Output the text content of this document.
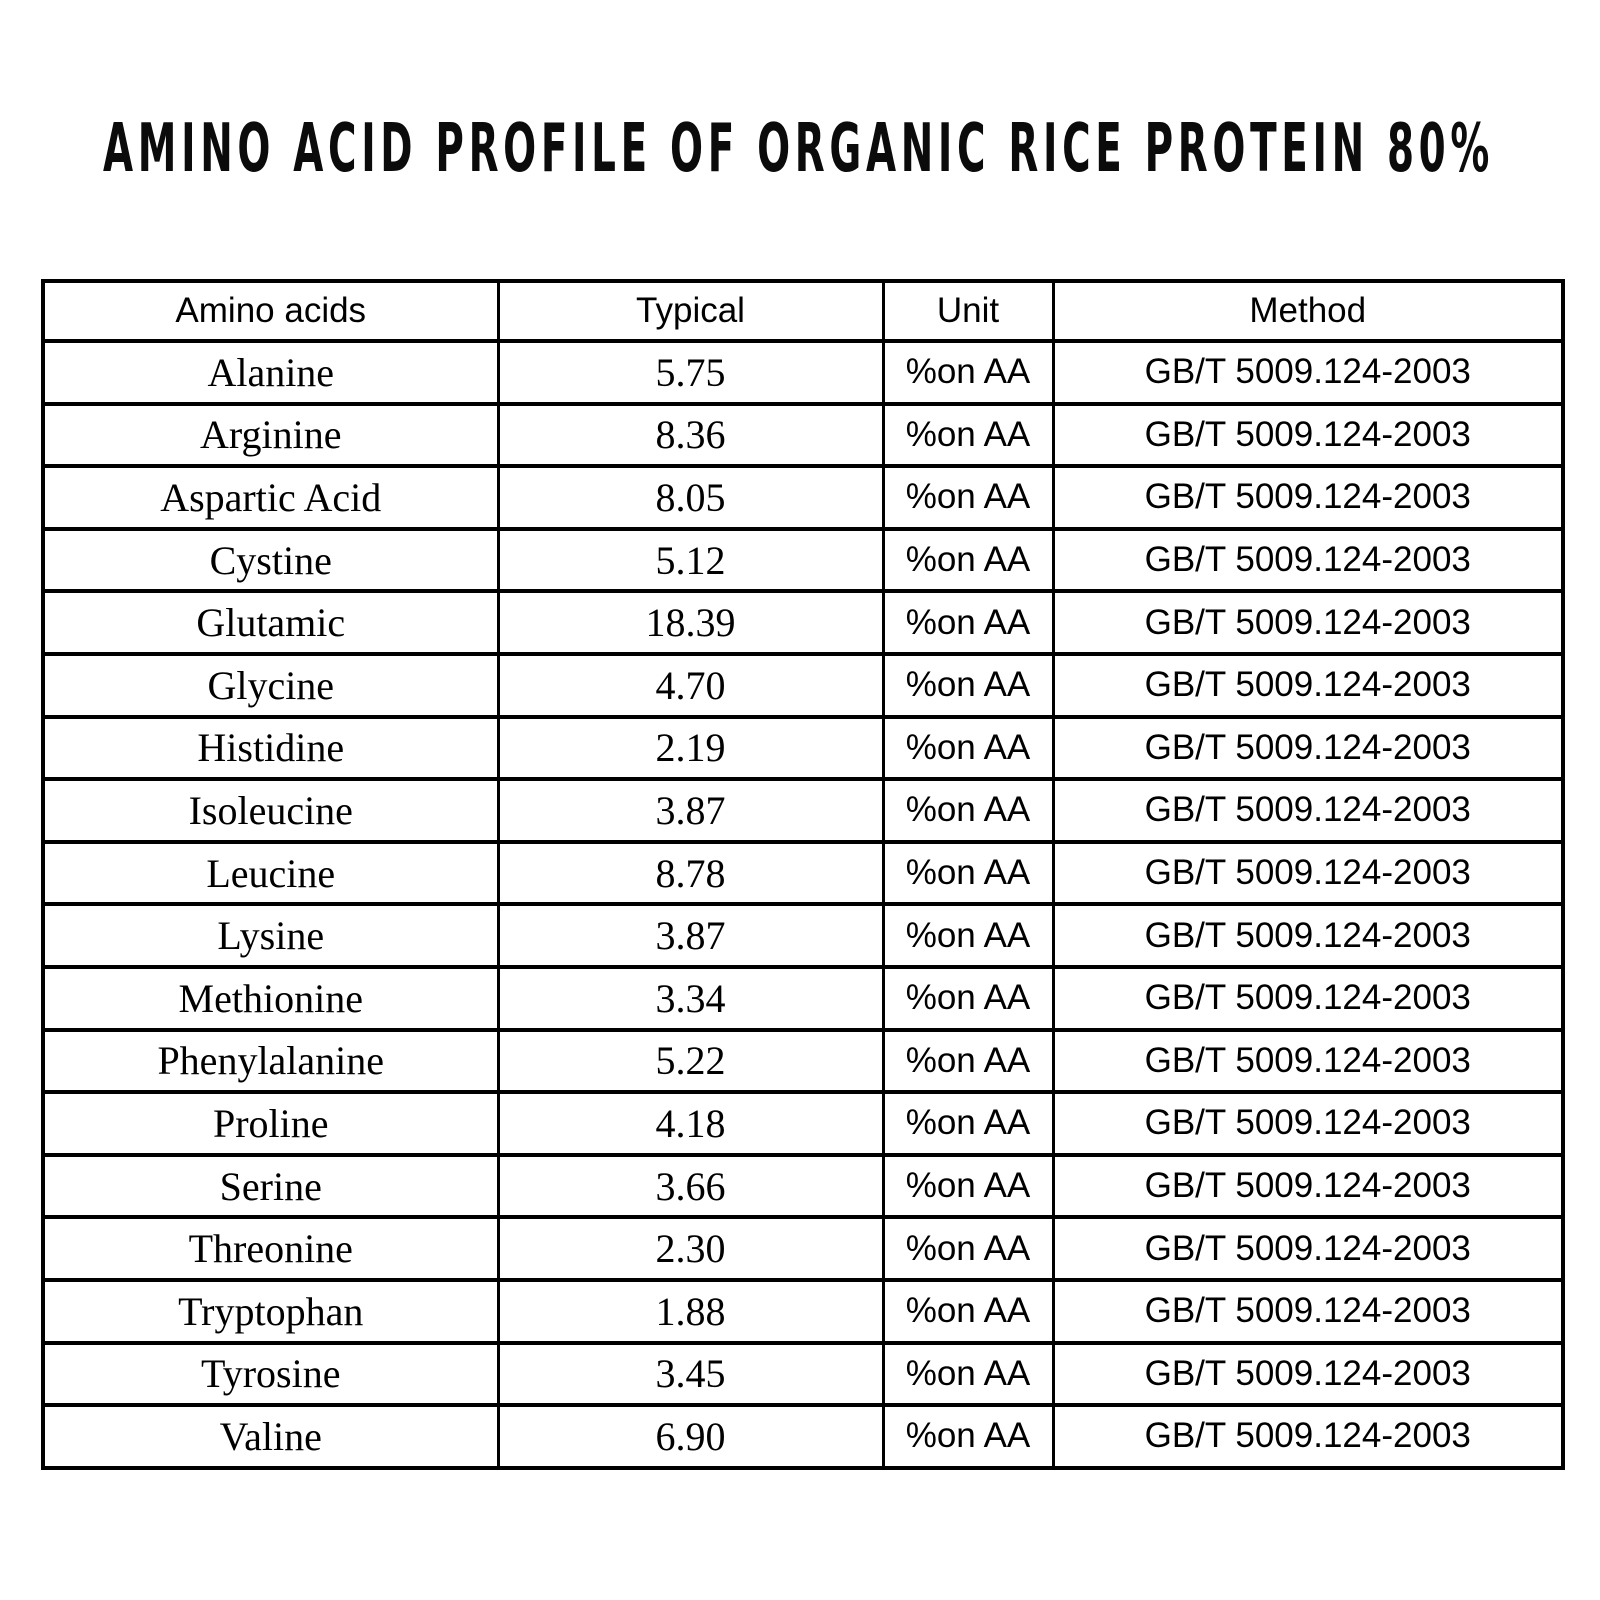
AMINO ACID PROFILE OF ORGANIC RICE PROTEIN 80%
Amino acids	Typical	Unit	Method
Alanine	5.75	%on AA	GB/T 5009.124-2003
Arginine	8.36	%on AA	GB/T 5009.124-2003
Aspartic Acid	8.05	%on AA	GB/T 5009.124-2003
Cystine	5.12	%on AA	GB/T 5009.124-2003
Glutamic	18.39	%on AA	GB/T 5009.124-2003
Glycine	4.70	%on AA	GB/T 5009.124-2003
Histidine	2.19	%on AA	GB/T 5009.124-2003
Isoleucine	3.87	%on AA	GB/T 5009.124-2003
Leucine	8.78	%on AA	GB/T 5009.124-2003
Lysine	3.87	%on AA	GB/T 5009.124-2003
Methionine	3.34	%on AA	GB/T 5009.124-2003
Phenylalanine	5.22	%on AA	GB/T 5009.124-2003
Proline	4.18	%on AA	GB/T 5009.124-2003
Serine	3.66	%on AA	GB/T 5009.124-2003
Threonine	2.30	%on AA	GB/T 5009.124-2003
Tryptophan	1.88	%on AA	GB/T 5009.124-2003
Tyrosine	3.45	%on AA	GB/T 5009.124-2003
Valine	6.90	%on AA	GB/T 5009.124-2003
